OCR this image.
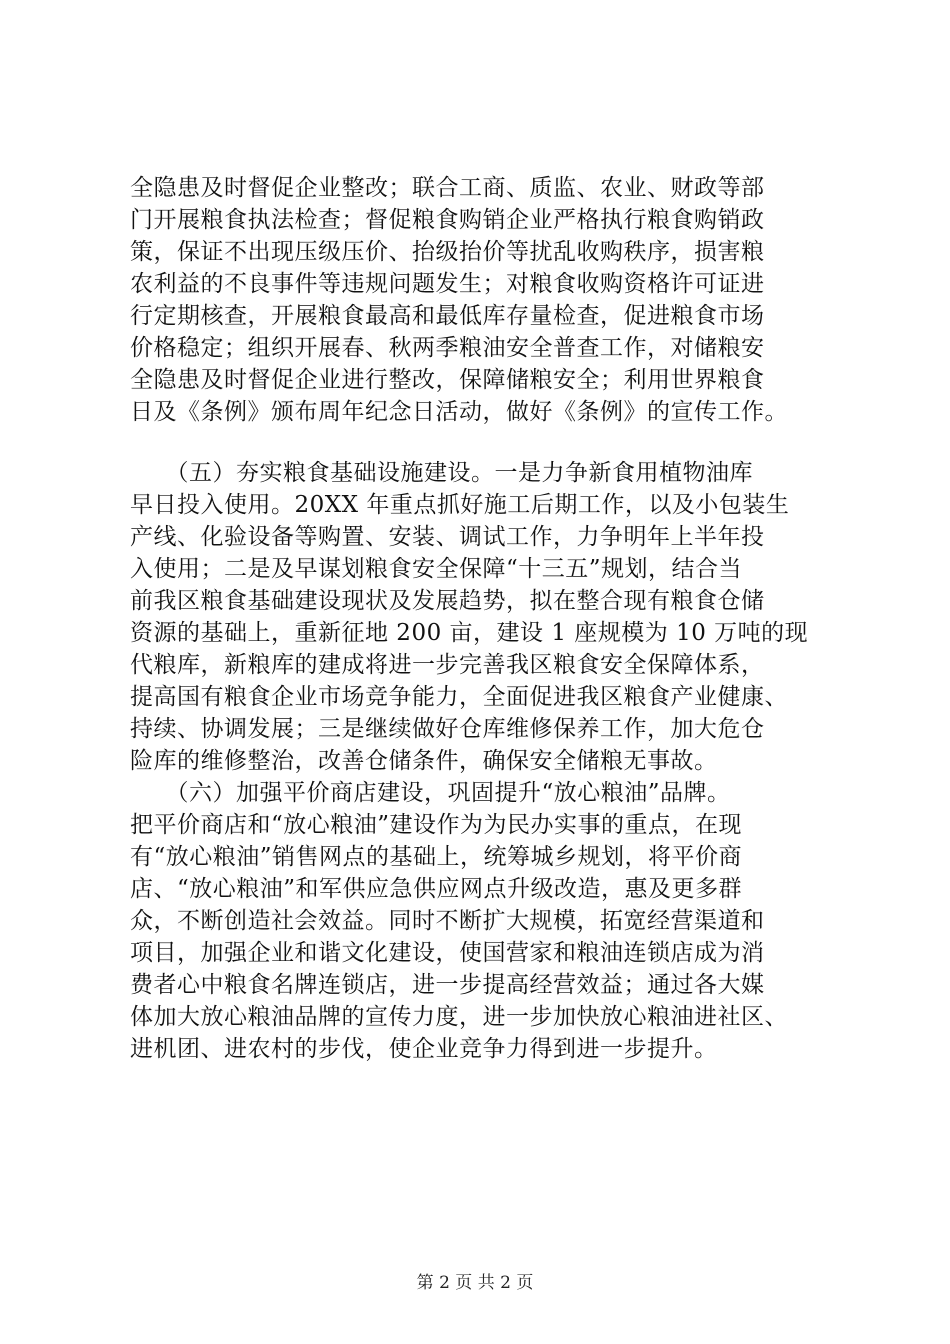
全隐患及时督促企业整改；联合工商、质监、农业、财政等部
门开展粮食执法检查；督促粮食购销企业严格执行粮食购销政
策，保证不出现压级压价、抬级抬价等扰乱收购秩序，损害粮
农利益的不良事件等违规问题发生；对粮食收购资格许可证进
行定期核查，开展粮食最高和最低库存量检查，促进粮食市场
价格稳定；组织开展春、秋两季粮油安全普查工作，对储粮安
全隐患及时督促企业进行整改，保障储粮安全；利用世界粮食
日及《条例》颁布周年纪念日活动，做好《条例》的宣传工作。
　　（五）夯实粮食基础设施建设。一是力争新食用植物油库
早日投入使用。20XX 年重点抓好施工后期工作，以及小包装生
产线、化验设备等购置、安装、调试工作，力争明年上半年投
入使用；二是及早谋划粮食安全保障“十三五”规划，结合当
前我区粮食基础建设现状及发展趋势，拟在整合现有粮食仓储
资源的基础上，重新征地 200 亩，建设 1 座规模为 10 万吨的现
代粮库，新粮库的建成将进一步完善我区粮食安全保障体系，
提高国有粮食企业市场竞争能力，全面促进我区粮食产业健康、
持续、协调发展；三是继续做好仓库维修保养工作，加大危仓
险库的维修整治，改善仓储条件，确保安全储粮无事故。
　　（六）加强平价商店建设，巩固提升“放心粮油”品牌。
把平价商店和“放心粮油”建设作为为民办实事的重点，在现
有“放心粮油”销售网点的基础上，统筹城乡规划，将平价商
店、“放心粮油”和军供应急供应网点升级改造，惠及更多群
众，不断创造社会效益。同时不断扩大规模，拓宽经营渠道和
项目，加强企业和谐文化建设，使国营家和粮油连锁店成为消
费者心中粮食名牌连锁店，进一步提高经营效益；通过各大媒
体加大放心粮油品牌的宣传力度，进一步加快放心粮油进社区、
进机团、进农村的步伐，使企业竞争力得到进一步提升。
第 2 页 共 2 页
